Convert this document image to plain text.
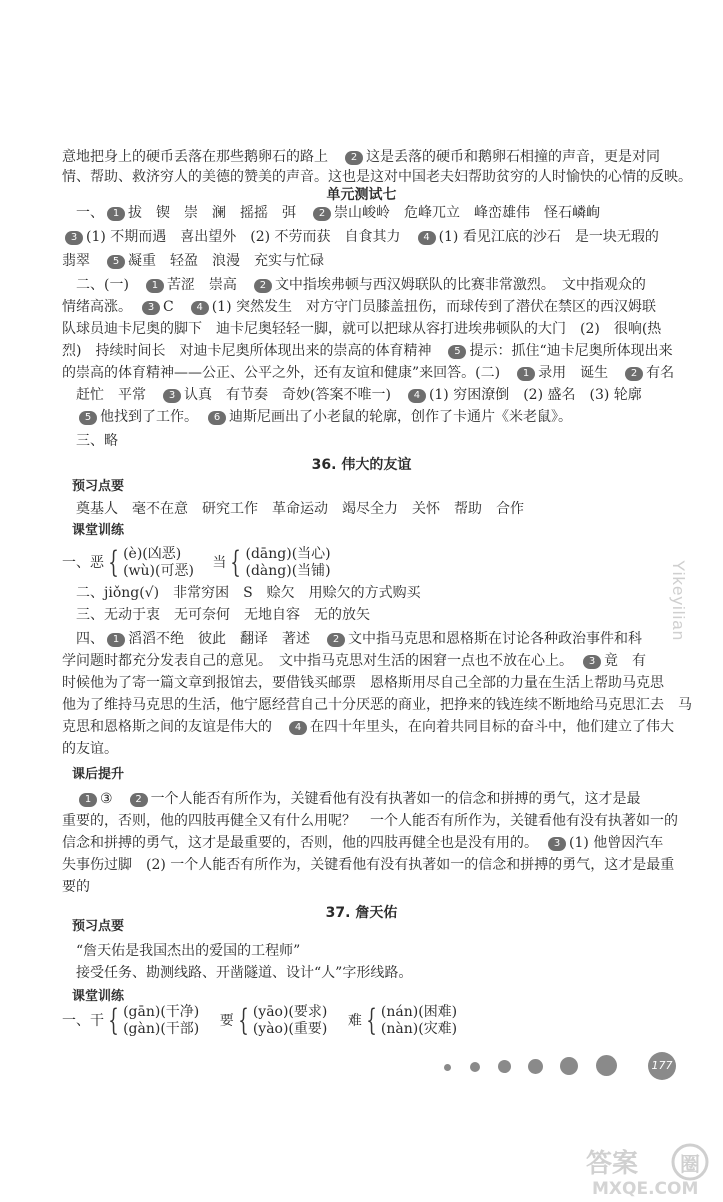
单元测试七
36. 伟大的友谊
37. 詹天佑
预习点要
课堂训练
课后提升
预习点要
课堂训练
意地把身上的硬币丢落在那些鹅卵石的路上　2 这是丢落的硬币和鹅卵石相撞的声音，更是对同
情、帮助、救济穷人的美德的赞美的声音。这也是这对中国老夫妇帮助贫穷的人时愉快的心情的反映。
　一、 1 拔　锲　崇　澜　摇摇　弭　2 崇山峻岭　危峰兀立　峰峦雄伟　怪石嶙峋
3 (1) 不期而遇　喜出望外　(2) 不劳而获　自食其力　4 (1) 看见江底的沙石　是一块无瑕的
翡翠　5 凝重　轻盈　浪漫　充实与忙碌
　二、(一)　1 苦涩　崇高　2 文中指埃弗顿与西汉姆联队的比赛非常激烈。　文中指观众的
情绪高涨。　3 C　4 (1) 突然发生　对方守门员膝盖扭伤，而球传到了潜伏在禁区的西汉姆联
队球员迪卡尼奥的脚下　迪卡尼奥轻轻一脚，就可以把球从容打进埃弗顿队的大门　(2)　很响(热
烈)　持续时间长　对迪卡尼奥所体现出来的崇高的体育精神　5 提示：抓住“迪卡尼奥所体现出来
的崇高的体育精神——公正、公平之外，还有友谊和健康”来回答。(二)　1 录用　诞生　2 有名
　赶忙　平常　3 认真　有节奏　奇妙(答案不唯一)　4 (1) 穷困潦倒　(2) 盛名　(3) 轮廓
　5 他找到了工作。　6 迪斯尼画出了小老鼠的轮廓，创作了卡通片《米老鼠》。
　三、略
　奠基人　毫不在意　研究工作　革命运动　竭尽全力　关怀　帮助　合作
　二、jiǒng(√)　非常穷困　S　赊欠　用赊欠的方式购买
　三、无动于衷　无可奈何　无地自容　无的放矢
　四、 1 滔滔不绝　彼此　翻译　著述　2 文中指马克思和恩格斯在讨论各种政治事件和科
学问题时都充分发表自己的意见。　文中指马克思对生活的困窘一点也不放在心上。　3 竟　有
时候他为了寄一篇文章到报馆去，要借钱买邮票　恩格斯用尽自己全部的力量在生活上帮助马克思
他为了维持马克思的生活，他宁愿经营自己十分厌恶的商业，把挣来的钱连续不断地给马克思汇去　马
克思和恩格斯之间的友谊是伟大的　4 在四十年里头，在向着共同目标的奋斗中，他们建立了伟大
的友谊。
　1 ③　2 一个人能否有所作为，关键看他有没有执著如一的信念和拼搏的勇气，这才是最
重要的，否则，他的四肢再健全又有什么用呢？　一个人能否有所作为，关键看他有没有执著如一的
信念和拼搏的勇气，这才是最重要的，否则，他的四肢再健全也是没有用的。　3 (1) 他曾因汽车
失事伤过脚　(2) 一个人能否有所作为，关键看他有没有执著如一的信念和拼搏的勇气，这才是最重
要的
　“詹天佑是我国杰出的爱国的工程师”
　接受任务、勘测线路、开凿隧道、设计“人”字形线路。
一、恶 { (è)(凶恶)
(wù)(可恶) 当 { (dāng)(当心)
(dàng)(当铺)
一、干 { (gān)(干净)
(gàn)(干部) 要 { (yāo)(要求)
(yào)(重要) 难 { (nán)(困难)
(nàn)(灾难)
177
Yikeyilian
答案 圈
MXQE.COM
